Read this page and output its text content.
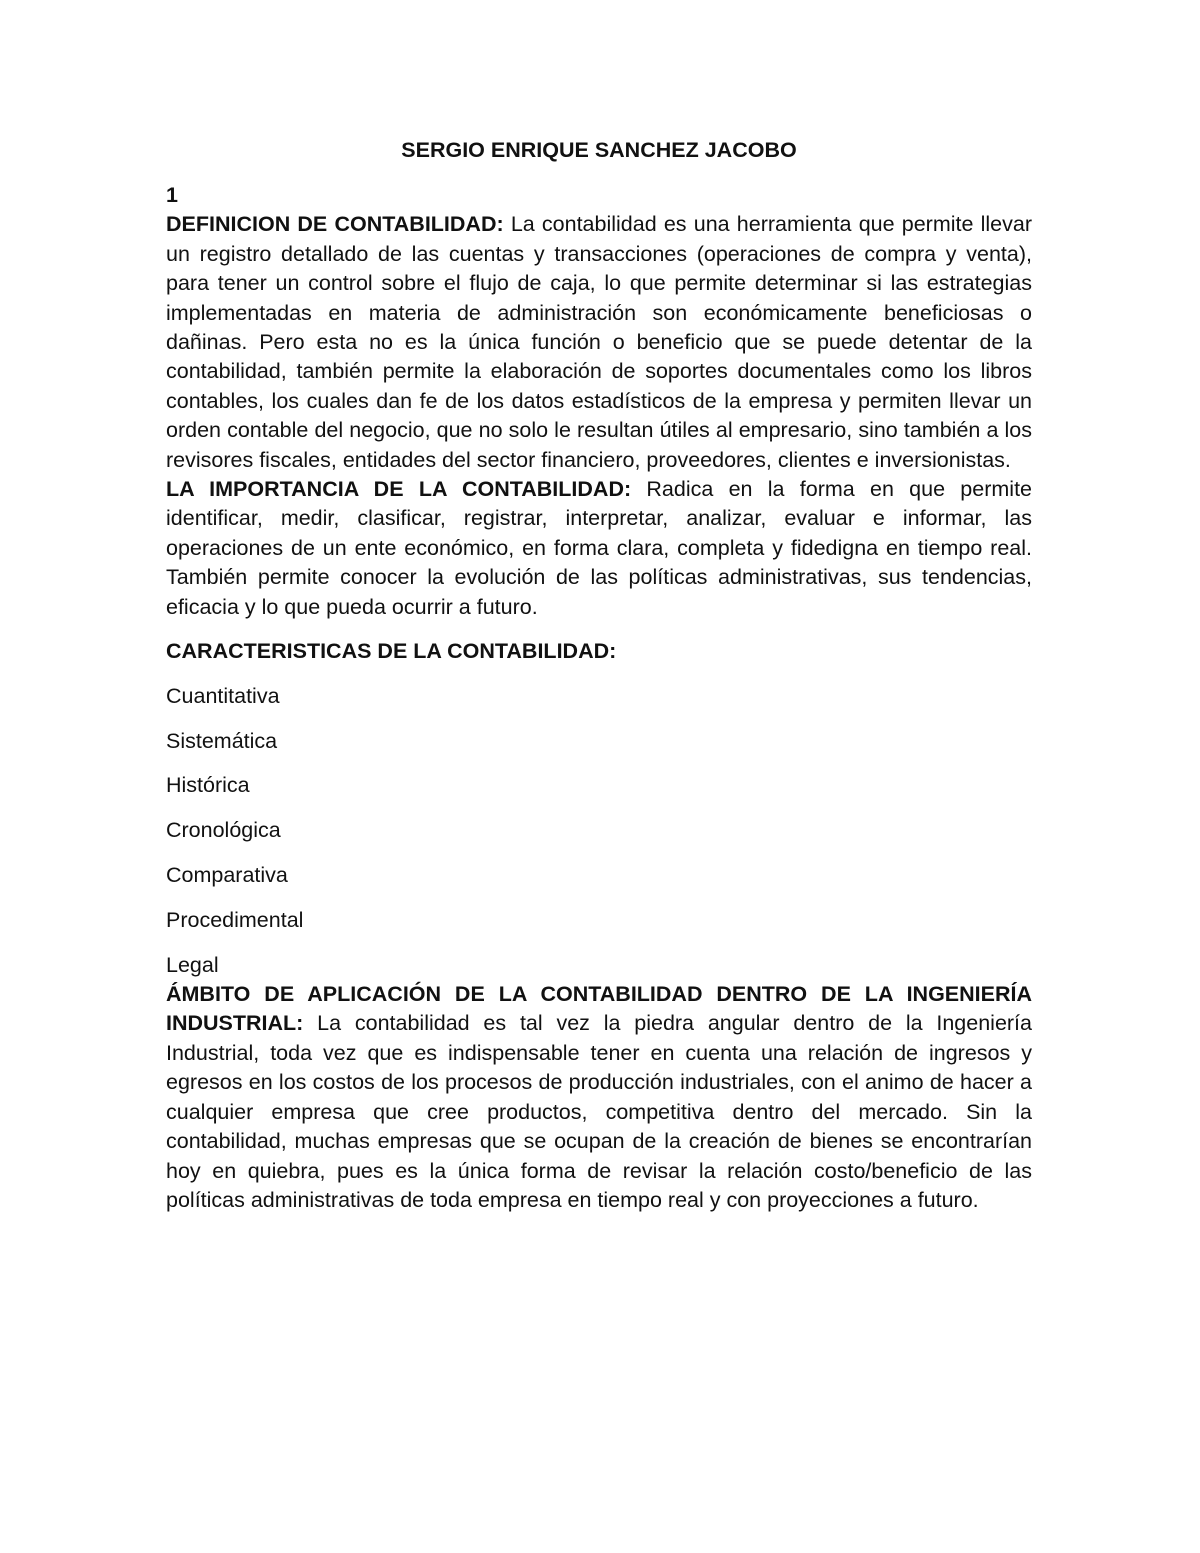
SERGIO ENRIQUE SANCHEZ JACOBO
1

DEFINICION DE CONTABILIDAD: La contabilidad es una herramienta que permite llevar un registro detallado de las cuentas y transacciones (operaciones de compra y venta), para tener un control sobre el flujo de caja, lo que permite determinar si las estrategias implementadas en materia de administración son económicamente beneficiosas o dañinas. Pero esta no es la única función o beneficio que se puede detentar de la contabilidad, también permite la elaboración de soportes documentales como los libros contables, los cuales dan fe de los datos estadísticos de la empresa y permiten llevar un orden contable del negocio, que no solo le resultan útiles al empresario, sino también a los revisores fiscales, entidades del sector financiero, proveedores, clientes e inversionistas.

LA IMPORTANCIA DE LA CONTABILIDAD: Radica en la forma en que permite identificar, medir, clasificar, registrar, interpretar, analizar, evaluar e informar, las operaciones de un ente económico, en forma clara, completa y fidedigna en tiempo real. También permite conocer la evolución de las políticas administrativas, sus tendencias, eficacia y lo que pueda ocurrir a futuro.

CARACTERISTICAS DE LA CONTABILIDAD:
Cuantitativa
Sistemática
Histórica
Cronológica
Comparativa
Procedimental
Legal

ÁMBITO DE APLICACIÓN DE LA CONTABILIDAD DENTRO DE LA INGENIERÍA INDUSTRIAL: La contabilidad es tal vez la piedra angular dentro de la Ingeniería Industrial, toda vez que es indispensable tener en cuenta una relación de ingresos y egresos en los costos de los procesos de producción industriales, con el animo de hacer a cualquier empresa que cree productos, competitiva dentro del mercado. Sin la contabilidad, muchas empresas que se ocupan de la creación de bienes se encontrarían hoy en quiebra, pues es la única forma de revisar la relación costo/beneficio de las políticas administrativas de toda empresa en tiempo real y con proyecciones a futuro.
